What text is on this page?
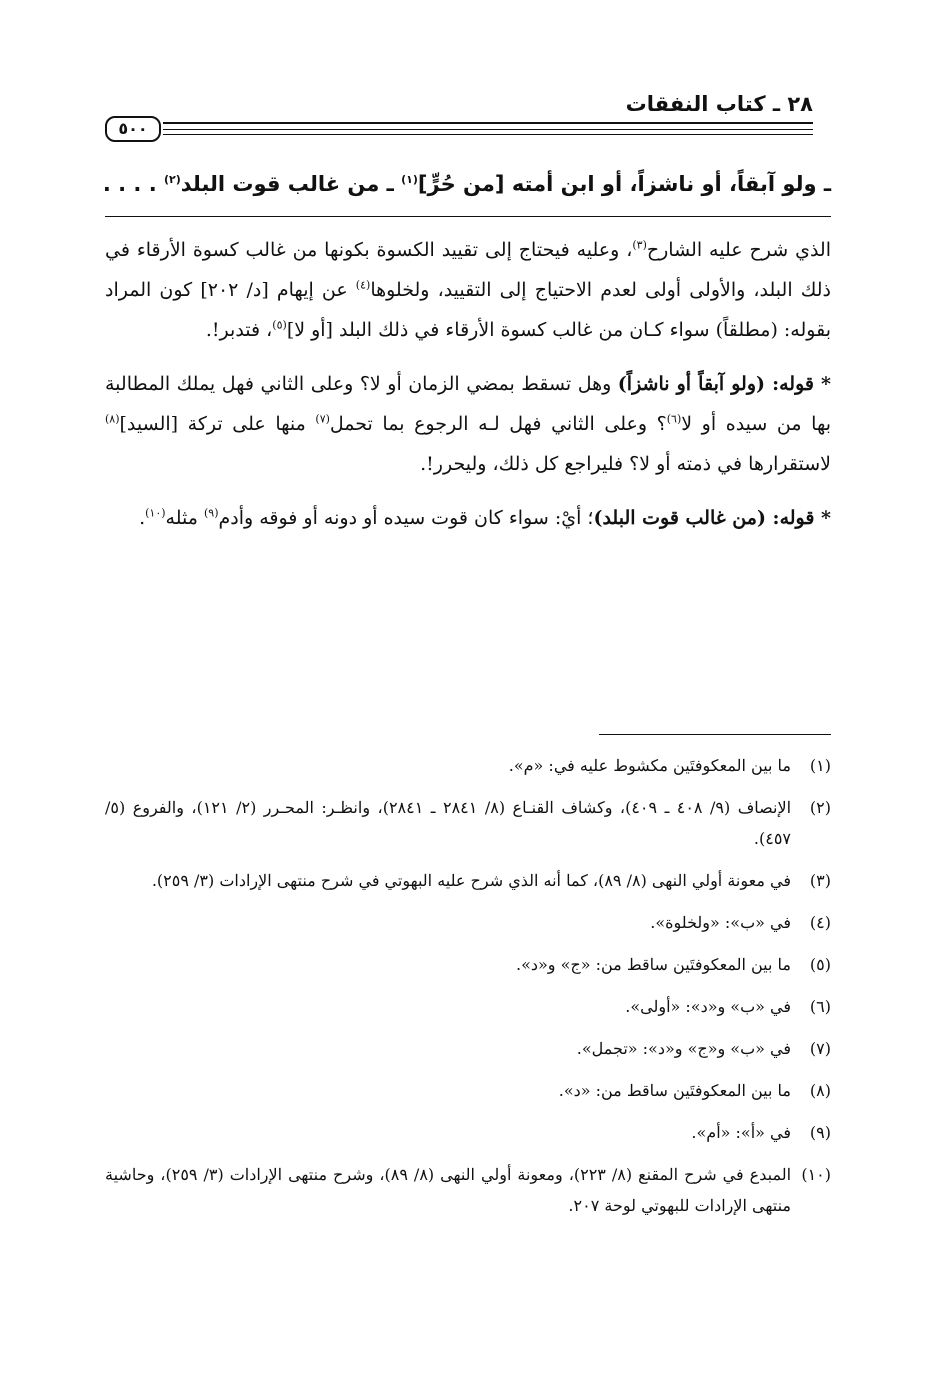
٢٨ ـ كتاب النفقات
٥٠٠
ـ ولو آبقاً، أو ناشزاً، أو ابن أمته [من حُرٍّ]$^{(١)}$ ـ من غالب قوت البلد$^{(٢)}$ . . . .

الذي شرح عليه الشارح$^{(٣)}$، وعليه فيحتاج إلى تقييد الكسوة بكونها من غالب كسوة الأرقاء في ذلك البلد، والأولى أولى لعدم الاحتياج إلى التقييد، ولخلوها$^{(٤)}$ عن إيهام [د/ ٢٠٢] كون المراد بقوله: (مطلقاً) سواء كـان من غالب كسوة الأرقاء في ذلك البلد [أو لا]$^{(٥)}$، فتدبر!.

* قوله: (ولو آبقاً أو ناشزاً) وهل تسقط بمضي الزمان أو لا؟ وعلى الثاني فهل يملك المطالبة بها من سيده أو لا$^{(٦)}$؟ وعلى الثاني فهل لـه الرجوع بما تحمل$^{(٧)}$ منها على تركة [السيد]$^{(٨)}$ لاستقرارها في ذمته أو لا؟ فليراجع كل ذلك، وليحرر!.

* قوله: (من غالب قوت البلد)؛ أيْ: سواء كان قوت سيده أو دونه أو فوقه وأدم$^{(٩)}$ مثله$^{(١٠)}$.

(١)
ما بين المعكوفتَين مكشوط عليه في: «م».
(٢)
الإنصاف (٩/ ٤٠٨ ـ ٤٠٩)، وكشاف القنـاع (٨/ ٢٨٤١ ـ ٢٨٤١)، وانظـر: المحـرر (٢/ ١٢١)، والفروع (٥/ ٤٥٧).
(٣)
في معونة أولي النهى (٨/ ٨٩)، كما أنه الذي شرح عليه البهوتي في شرح منتهى الإرادات (٣/ ٢٥٩).
(٤)
في «ب»: «ولخلوة».
(٥)
ما بين المعكوفتَين ساقط من: «ج» و«د».
(٦)
في «ب» و«د»: «أولى».
(٧)
في «ب» و«ج» و«د»: «تجمل».
(٨)
ما بين المعكوفتَين ساقط من: «د».
(٩)
في «أ»: «أم».
(١٠)
المبدع في شرح المقنع (٨/ ٢٢٣)، ومعونة أولي النهى (٨/ ٨٩)، وشرح منتهى الإرادات (٣/ ٢٥٩)، وحاشية منتهى الإرادات للبهوتي لوحة ٢٠٧.
